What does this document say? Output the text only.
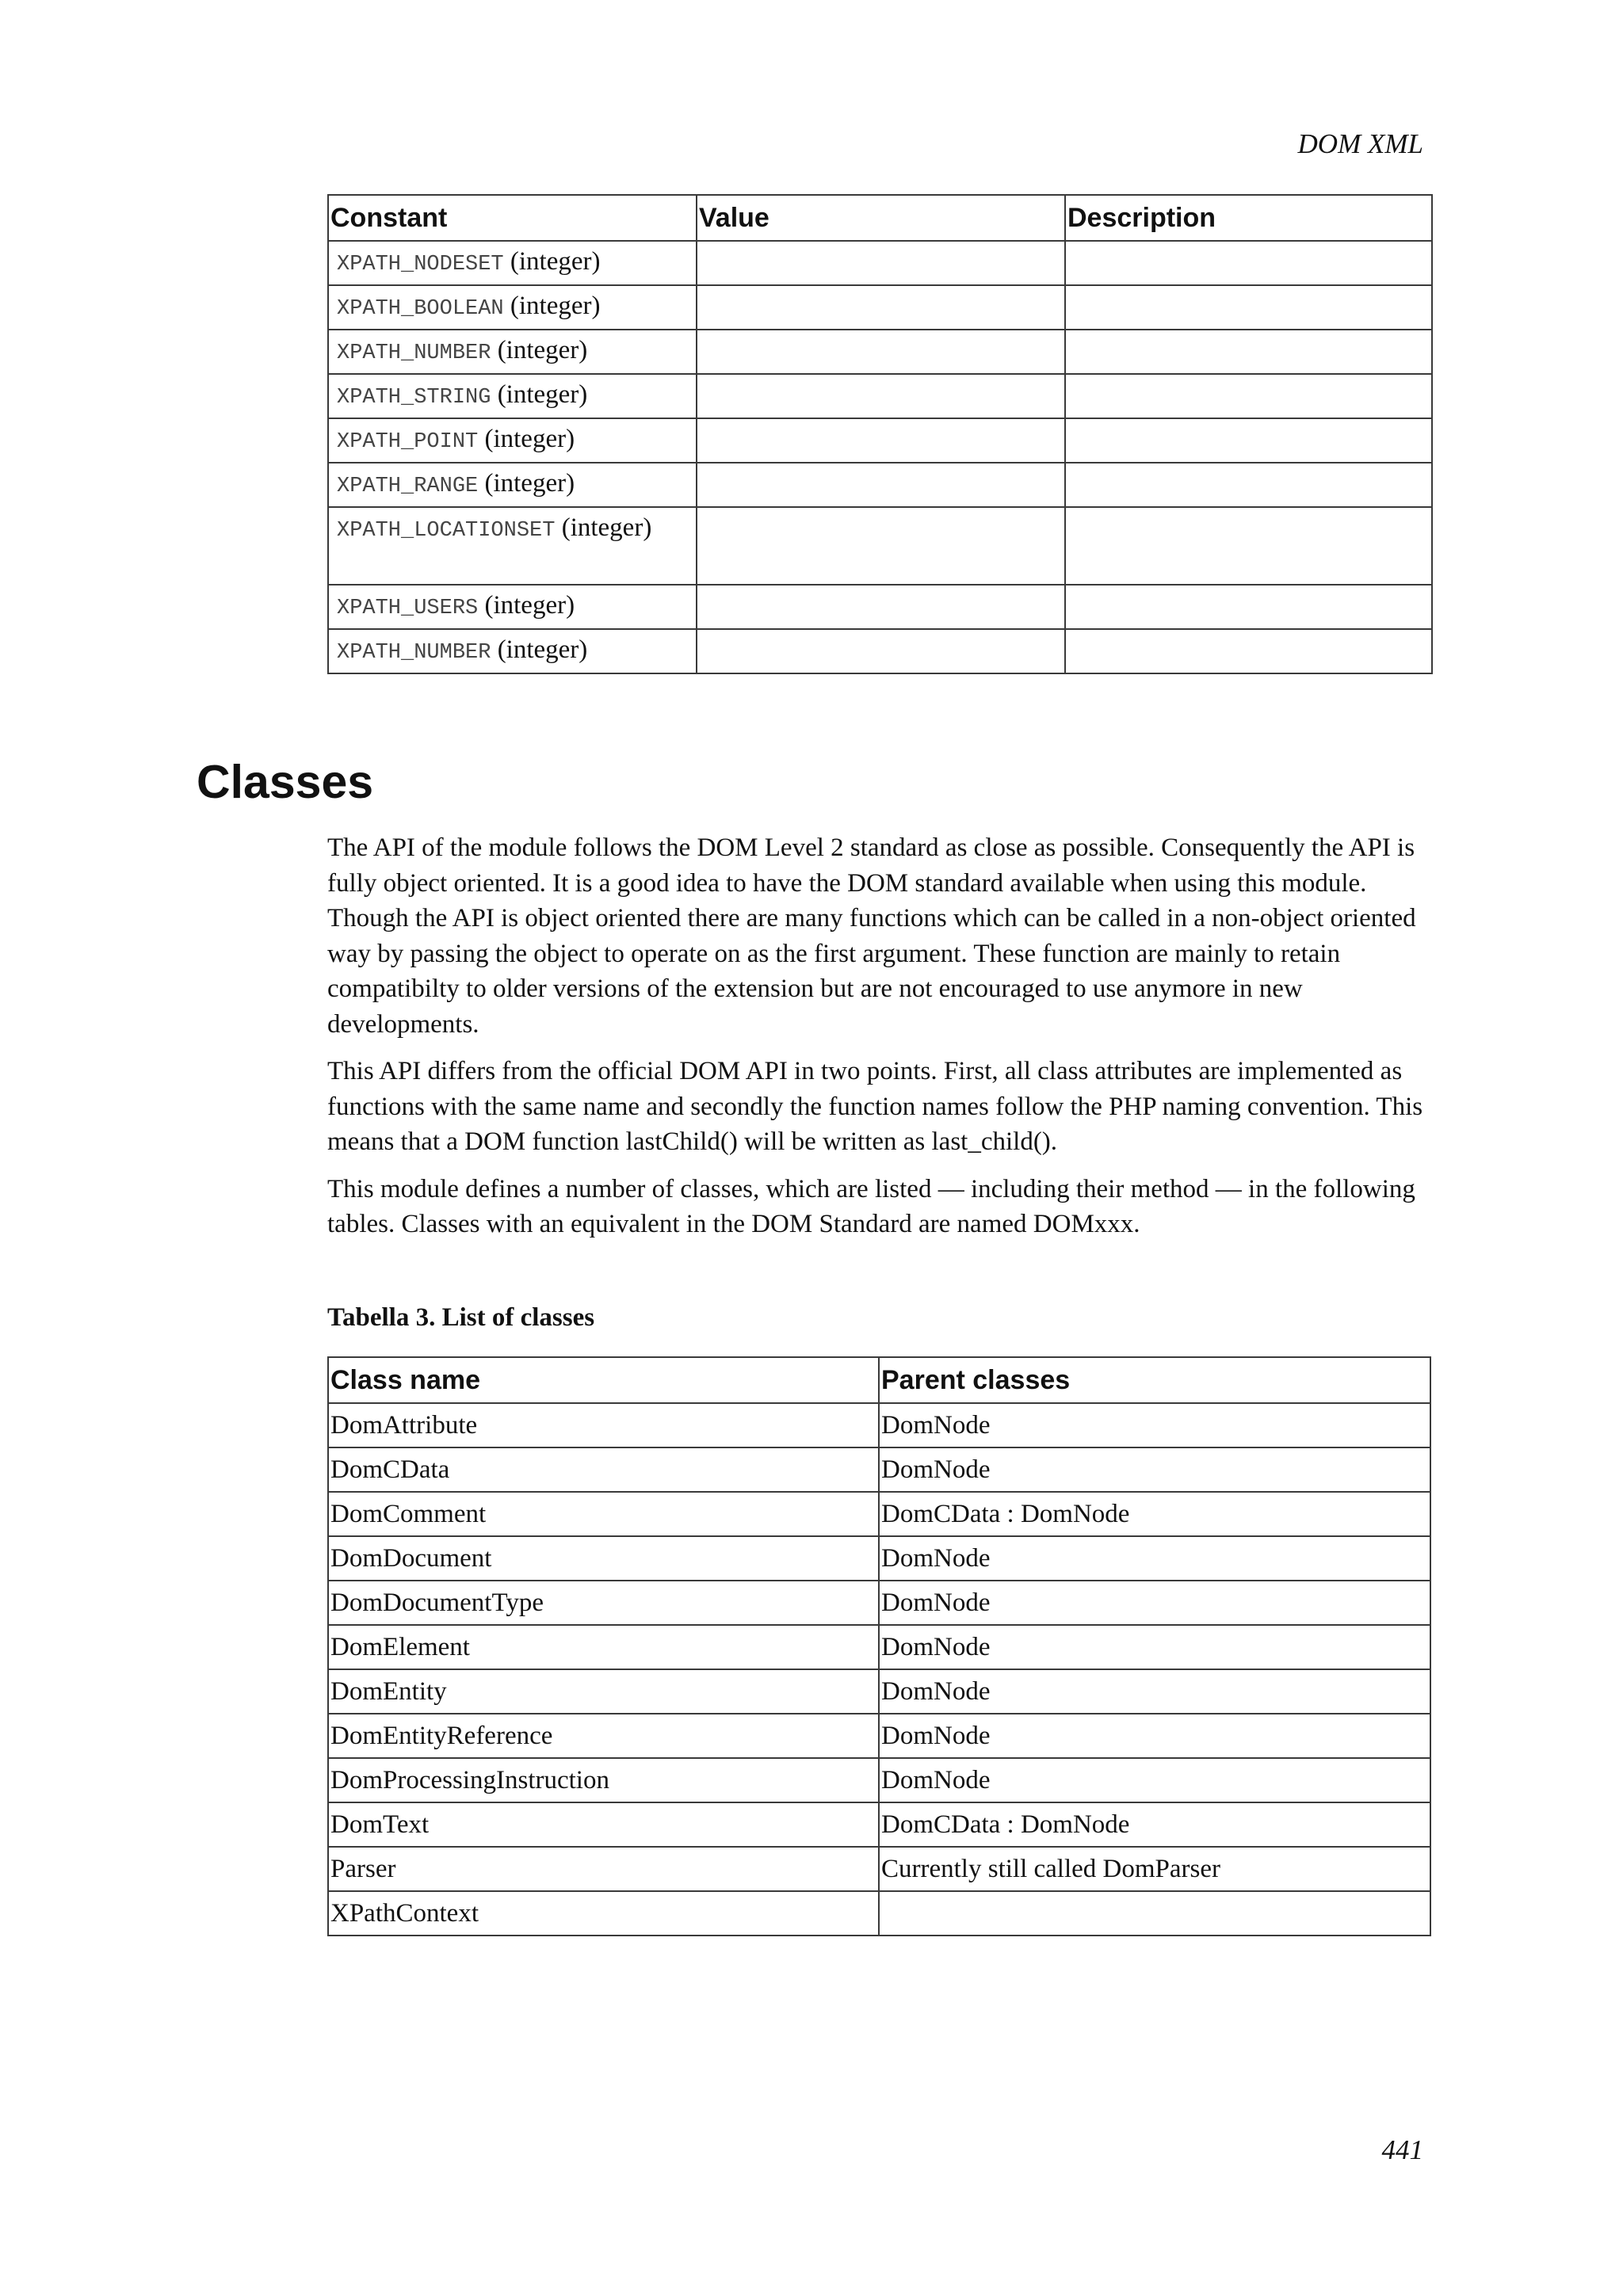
DOM XML
Constant	Value	Description
XPATH_NODESET (integer)		
XPATH_BOOLEAN (integer)		
XPATH_NUMBER (integer)		
XPATH_STRING (integer)		
XPATH_POINT (integer)		
XPATH_RANGE (integer)		
XPATH_LOCATIONSET (integer)		
XPATH_USERS (integer)		
XPATH_NUMBER (integer)		
Classes

The API of the module follows the DOM Level 2 standard as close as possible. Consequently the API is fully object oriented. It is a good idea to have the DOM standard available when using this module. Though the API is object oriented there are many functions which can be called in a non-object oriented way by passing the object to operate on as the first argument. These function are mainly to retain compatibilty to older versions of the extension but are not encouraged to use anymore in new developments.

This API differs from the official DOM API in two points. First, all class attributes are implemented as functions with the same name and secondly the function names follow the PHP naming convention. This means that a DOM function lastChild() will be written as last_child().

This module defines a number of classes, which are listed — including their method — in the following tables. Classes with an equivalent in the DOM Standard are named DOMxxx.

Tabella 3. List of classes
Class name	Parent classes
DomAttribute	DomNode
DomCData	DomNode
DomComment	DomCData : DomNode
DomDocument	DomNode
DomDocumentType	DomNode
DomElement	DomNode
DomEntity	DomNode
DomEntityReference	DomNode
DomProcessingInstruction	DomNode
DomText	DomCData : DomNode
Parser	Currently still called DomParser
XPathContext	
441
